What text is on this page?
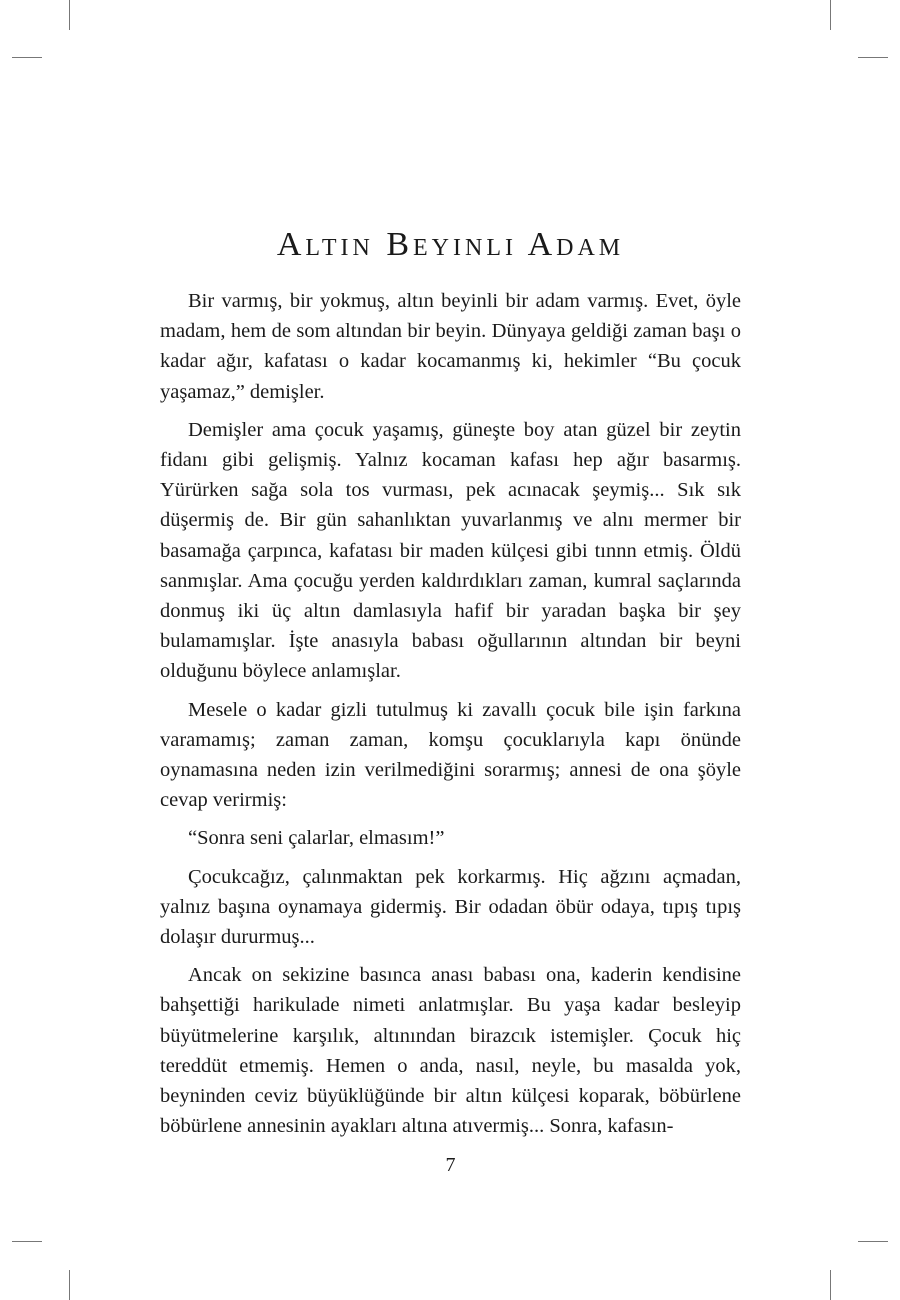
Altın Beyinli Adam

Bir varmış, bir yokmuş, altın beyinli bir adam varmış. Evet, öyle madam, hem de som altından bir beyin. Dünyaya geldiği zaman başı o kadar ağır, kafatası o kadar kocamanmış ki, hekimler “Bu çocuk yaşamaz,” demişler.

Demişler ama çocuk yaşamış, güneşte boy atan güzel bir zeytin fidanı gibi gelişmiş. Yalnız kocaman kafası hep ağır basarmış. Yürürken sağa sola tos vurması, pek acınacak şeymiş... Sık sık düşermiş de. Bir gün sahanlıktan yuvarlanmış ve alnı mermer bir basamağa çarpınca, kafatası bir maden külçesi gibi tınnn etmiş. Öldü sanmışlar. Ama çocuğu yerden kaldırdıkları zaman, kumral saçlarında donmuş iki üç altın damlasıyla hafif bir yaradan başka bir şey bulamamışlar. İşte anasıyla babası oğullarının altından bir beyni olduğunu böylece anlamışlar.

Mesele o kadar gizli tutulmuş ki zavallı çocuk bile işin farkına varamamış; zaman zaman, komşu çocuklarıyla kapı önünde oynamasına neden izin verilmediğini sorarmış; annesi de ona şöyle cevap verirmiş:

“Sonra seni çalarlar, elmasım!”

Çocukcağız, çalınmaktan pek korkarmış. Hiç ağzını açmadan, yalnız başına oynamaya gidermiş. Bir odadan öbür odaya, tıpış tıpış dolaşır dururmuş...

Ancak on sekizine basınca anası babası ona, kaderin kendisine bahşettiği harikulade nimeti anlatmışlar. Bu yaşa kadar besleyip büyütmelerine karşılık, altınından birazcık istemişler. Çocuk hiç tereddüt etmemiş. Hemen o anda, nasıl, neyle, bu masalda yok, beyninden ceviz büyüklüğünde bir altın külçesi koparak, böbürlene böbürlene annesinin ayakları altına atıvermiş... Sonra, kafasın-

7
